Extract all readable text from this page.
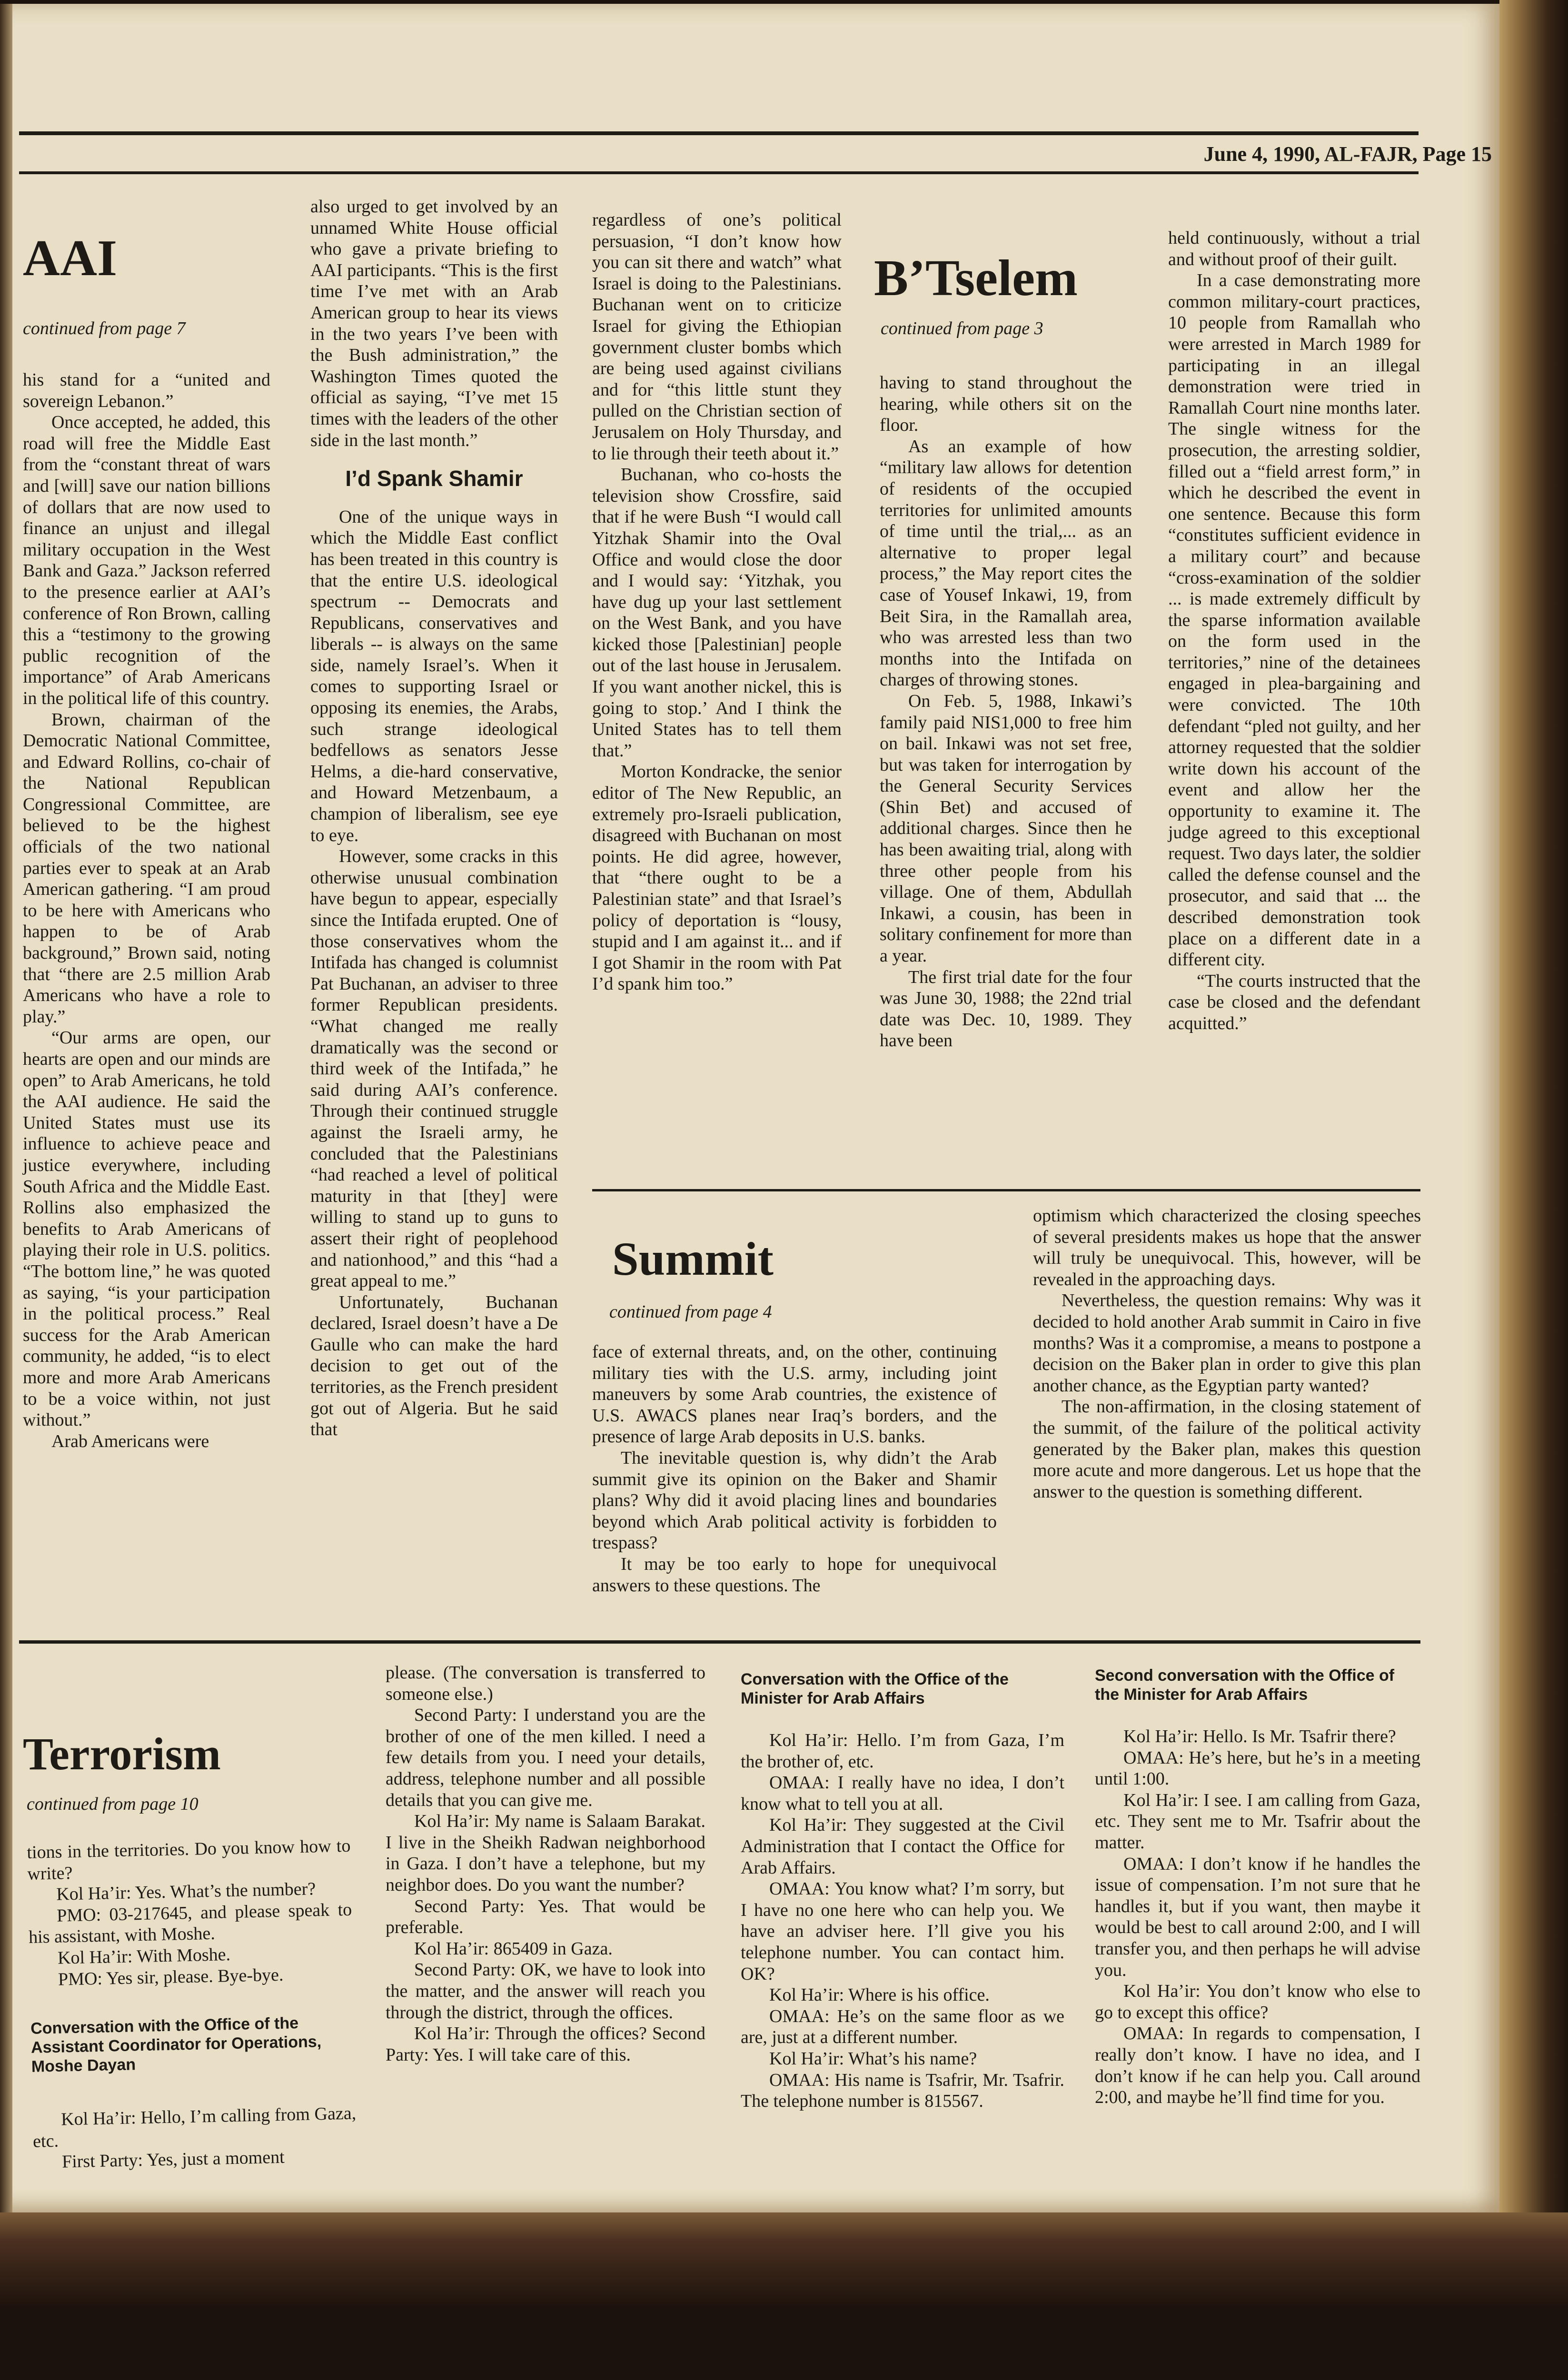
June 4, 1990, AL-FAJR, Page 15
AAI
continued from page 7

his stand for a “united and sovereign Lebanon.”

Once accepted, he added, this road will free the Middle East from the “constant threat of wars and [will] save our nation billions of dollars that are now used to finance an unjust and illegal military occupation in the West Bank and Gaza.” Jackson referred to the presence earlier at AAI’s conference of Ron Brown, calling this a “testimony to the growing public recognition of the importance” of Arab Americans in the political life of this country.

Brown, chairman of the Democratic National Committee, and Edward Rollins, co-chair of the National Republican Congressional Committee, are believed to be the highest officials of the two national parties ever to speak at an Arab American gathering. “I am proud to be here with Americans who happen to be of Arab background,” Brown said, noting that “there are 2.5 million Arab Americans who have a role to play.”

“Our arms are open, our hearts are open and our minds are open” to Arab Americans, he told the AAI audience. He said the United States must use its influence to achieve peace and justice everywhere, including South Africa and the Middle East. Rollins also emphasized the benefits to Arab Americans of playing their role in U.S. politics. “The bottom line,” he was quoted as saying, “is your participation in the political process.” Real success for the Arab American community, he added, “is to elect more and more Arab Americans to be a voice within, not just without.”

Arab Americans were

also urged to get involved by an unnamed White House official who gave a private briefing to AAI participants. “This is the first time I’ve met with an Arab American group to hear its views in the two years I’ve been with the Bush administration,” the Washington Times quoted the official as saying, “I’ve met 15 times with the leaders of the other side in the last month.”

I’d Spank Shamir

One of the unique ways in which the Middle East conflict has been treated in this country is that the entire U.S. ideological spectrum -- Democrats and Republicans, conservatives and liberals -- is always on the same side, namely Israel’s. When it comes to supporting Israel or opposing its enemies, the Arabs, such strange ideological bedfellows as senators Jesse Helms, a die-hard conservative, and Howard Metzenbaum, a champion of liberalism, see eye to eye.

However, some cracks in this otherwise unusual combination have begun to appear, especially since the Intifada erupted. One of those conservatives whom the Intifada has changed is columnist Pat Buchanan, an adviser to three former Republican presidents. “What changed me really dramatically was the second or third week of the Intifada,” he said during AAI’s conference. Through their continued struggle against the Israeli army, he concluded that the Palestinians “had reached a level of political maturity in that [they] were willing to stand up to guns to assert their right of peoplehood and nationhood,” and this “had a great appeal to me.”

Unfortunately, Buchanan declared, Israel doesn’t have a De Gaulle who can make the hard decision to get out of the territories, as the French president got out of Algeria. But he said that

regardless of one’s political persuasion, “I don’t know how you can sit there and watch” what Israel is doing to the Palestinians. Buchanan went on to criticize Israel for giving the Ethiopian government cluster bombs which are being used against civilians and for “this little stunt they pulled on the Christian section of Jerusalem on Holy Thursday, and to lie through their teeth about it.”

Buchanan, who co-hosts the television show Crossfire, said that if he were Bush “I would call Yitzhak Shamir into the Oval Office and would close the door and I would say: ‘Yitzhak, you have dug up your last settlement on the West Bank, and you have kicked those [Palestinian] people out of the last house in Jerusalem. If you want another nickel, this is going to stop.’ And I think the United States has to tell them that.”

Morton Kondracke, the senior editor of The New Republic, an extremely pro-Israeli publication, disagreed with Buchanan on most points. He did agree, however, that “there ought to be a Palestinian state” and that Israel’s policy of deportation is “lousy, stupid and I am against it... and if I got Shamir in the room with Pat I’d spank him too.”

B’Tselem
continued from page 3

having to stand throughout the hearing, while others sit on the floor.

As an example of how “military law allows for detention of residents of the occupied territories for unlimited amounts of time until the trial,... as an alternative to proper legal process,” the May report cites the case of Yousef Inkawi, 19, from Beit Sira, in the Ramallah area, who was arrested less than two months into the Intifada on charges of throwing stones.

On Feb. 5, 1988, Inkawi’s family paid NIS1,000 to free him on bail. Inkawi was not set free, but was taken for interrogation by the General Security Services (Shin Bet) and accused of additional charges. Since then he has been awaiting trial, along with three other people from his village. One of them, Abdullah Inkawi, a cousin, has been in solitary confinement for more than a year.

The first trial date for the four was June 30, 1988; the 22nd trial date was Dec. 10, 1989. They have been

held continuously, without a trial and without proof of their guilt.

In a case demonstrating more common military-court practices, 10 people from Ramallah who were arrested in March 1989 for participating in an illegal demonstration were tried in Ramallah Court nine months later. The single witness for the prosecution, the arresting soldier, filled out a “field arrest form,” in which he described the event in one sentence. Because this form “constitutes sufficient evidence in a military court” and because “cross-examination of the soldier ... is made extremely difficult by the sparse information available on the form used in the territories,” nine of the detainees engaged in plea-bargaining and were convicted. The 10th defendant “pled not guilty, and her attorney requested that the soldier write down his account of the event and allow her the opportunity to examine it. The judge agreed to this exceptional request. Two days later, the soldier called the defense counsel and the prosecutor, and said that ... the described demonstration took place on a different date in a different city.

“The courts instructed that the case be closed and the defendant acquitted.”

Summit
continued from page 4

face of external threats, and, on the other, continuing military ties with the U.S. army, including joint maneuvers by some Arab countries, the existence of U.S. AWACS planes near Iraq’s borders, and the presence of large Arab deposits in U.S. banks.

The inevitable question is, why didn’t the Arab summit give its opinion on the Baker and Shamir plans? Why did it avoid placing lines and boundaries beyond which Arab political activity is forbidden to trespass?

It may be too early to hope for unequivocal answers to these questions. The

optimism which characterized the closing speeches of several presidents makes us hope that the answer will truly be unequivocal. This, however, will be revealed in the approaching days.

Nevertheless, the question remains: Why was it decided to hold another Arab summit in Cairo in five months? Was it a compromise, a means to postpone a decision on the Baker plan in order to give this plan another chance, as the Egyptian party wanted?

The non-affirmation, in the closing statement of the summit, of the failure of the political activity generated by the Baker plan, makes this question more acute and more dangerous. Let us hope that the answer to the question is something different.

Terrorism
continued from page 10

tions in the territories. Do you know how to write?

Kol Ha’ir: Yes. What’s the number?

PMO: 03-217645, and please speak to his assistant, with Moshe.

Kol Ha’ir: With Moshe.

PMO: Yes sir, please. Bye-bye.

Conversation with the Office of the Assistant Coordinator for Operations, Moshe Dayan

Kol Ha’ir: Hello, I’m calling from Gaza, etc.

First Party: Yes, just a moment

please. (The conversation is transferred to someone else.)

Second Party: I understand you are the brother of one of the men killed. I need a few details from you. I need your details, address, telephone number and all possible details that you can give me.

Kol Ha’ir: My name is Salaam Barakat. I live in the Sheikh Radwan neighborhood in Gaza. I don’t have a telephone, but my neighbor does. Do you want the number?

Second Party: Yes. That would be preferable.

Kol Ha’ir: 865409 in Gaza.

Second Party: OK, we have to look into the matter, and the answer will reach you through the district, through the offices.

Kol Ha’ir: Through the offices? Second Party: Yes. I will take care of this.

Conversation with the Office of the Minister for Arab Affairs

Kol Ha’ir: Hello. I’m from Gaza, I’m the brother of, etc.

OMAA: I really have no idea, I don’t know what to tell you at all.

Kol Ha’ir: They suggested at the Civil Administration that I contact the Office for Arab Affairs.

OMAA: You know what? I’m sorry, but I have no one here who can help you. We have an adviser here. I’ll give you his telephone number. You can contact him. OK?

Kol Ha’ir: Where is his office.

OMAA: He’s on the same floor as we are, just at a different number.

Kol Ha’ir: What’s his name?

OMAA: His name is Tsafrir, Mr. Tsafrir. The telephone number is 815567.

Second conversation with the Office of the Minister for Arab Affairs

Kol Ha’ir: Hello. Is Mr. Tsafrir there?

OMAA: He’s here, but he’s in a meeting until 1:00.

Kol Ha’ir: I see. I am calling from Gaza, etc. They sent me to Mr. Tsafrir about the matter.

OMAA: I don’t know if he handles the issue of compensation. I’m not sure that he handles it, but if you want, then maybe it would be best to call around 2:00, and I will transfer you, and then perhaps he will advise you.

Kol Ha’ir: You don’t know who else to go to except this office?

OMAA: In regards to compensation, I really don’t know. I have no idea, and I don’t know if he can help you. Call around 2:00, and maybe he’ll find time for you.
